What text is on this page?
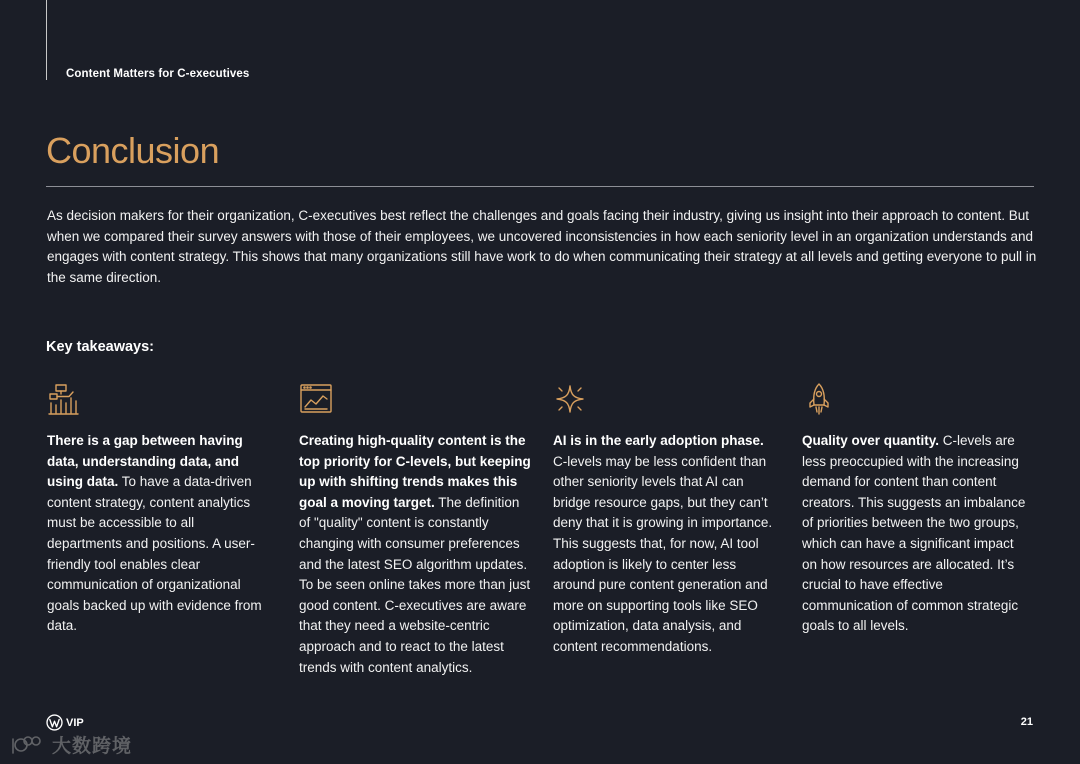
Content Matters for C-executives
Conclusion

As decision makers for their organization, C-executives best reflect the challenges and goals facing their industry, giving us insight into their approach to content. But when we compared their survey answers with those of their employees, we uncovered inconsistencies in how each seniority level in an organization understands and engages with content strategy. This shows that many organizations still have work to do when communicating their strategy at all levels and getting everyone to pull in the same direction.

Key takeaways:

There is a gap between having data, understanding data, and using data. To have a data-driven content strategy, content analytics must be accessible to all departments and positions. A user-friendly tool enables clear communication of organizational goals backed up with evidence from data.

Creating high-quality content is the top priority for C-levels, but keeping up with shifting trends makes this goal a moving target. The definition of "quality" content is constantly changing with consumer preferences and the latest SEO algorithm updates. To be seen online takes more than just good content. C-executives are aware that they need a website-centric approach and to react to the latest trends with content analytics.

AI is in the early adoption phase. C-levels may be less confident than other seniority levels that AI can bridge resource gaps, but they can’t deny that it is growing in importance. This suggests that, for now, AI tool adoption is likely to center less around pure content generation and more on supporting tools like SEO optimization, data analysis, and content recommendations.

Quality over quantity. C-levels are less preoccupied with the increasing demand for content than content creators. This suggests an imbalance of priorities between the two groups, which can have a significant impact on how resources are allocated. It’s crucial to have effective communication of common strategic goals to all levels.

VIP	21
大数跨境
